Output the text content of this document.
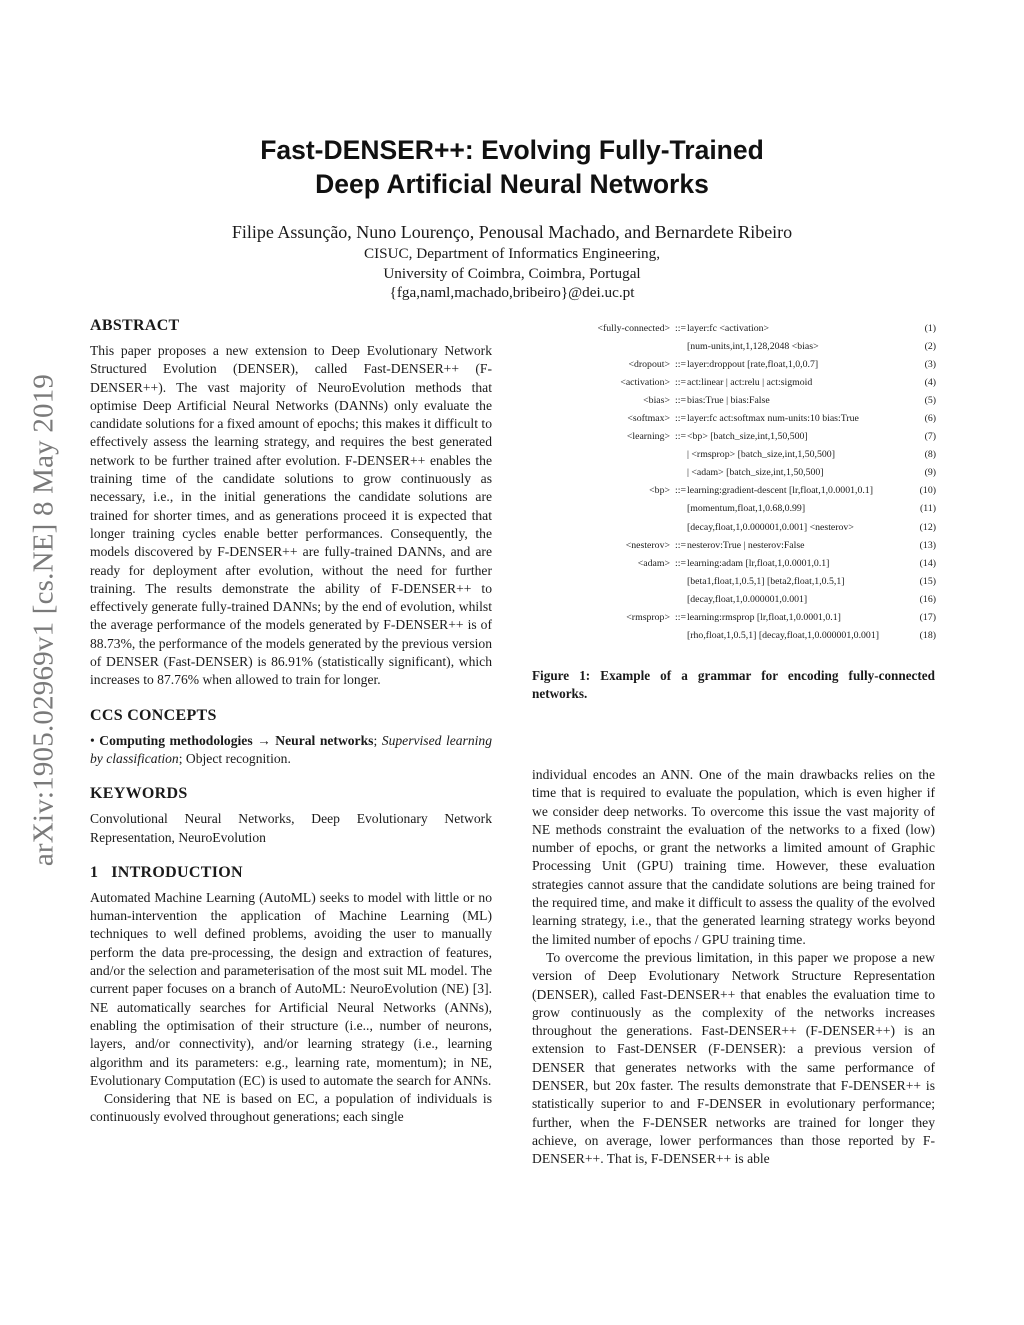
arXiv:1905.02969v1 [cs.NE] 8 May 2019
Fast-DENSER++: Evolving Fully-Trained
Deep Artificial Neural Networks
Filipe Assunção, Nuno Lourenço, Penousal Machado, and Bernardete Ribeiro
CISUC, Department of Informatics Engineering,
University of Coimbra, Coimbra, Portugal
{fga,naml,machado,bribeiro}@dei.uc.pt
ABSTRACT

This paper proposes a new extension to Deep Evolutionary Network Structured Evolution (DENSER), called Fast-DENSER++ (F-DENSER++). The vast majority of NeuroEvolution methods that optimise Deep Artificial Neural Networks (DANNs) only evaluate the candidate solutions for a fixed amount of epochs; this makes it difficult to effectively assess the learning strategy, and requires the best generated network to be further trained after evolution. F-DENSER++ enables the training time of the candidate solutions to grow continuously as necessary, i.e., in the initial generations the candidate solutions are trained for shorter times, and as generations proceed it is expected that longer training cycles enable better performances. Consequently, the models discovered by F-DENSER++ are fully-trained DANNs, and are ready for deployment after evolution, without the need for further training. The results demonstrate the ability of F-DENSER++ to effectively generate fully-trained DANNs; by the end of evolution, whilst the average performance of the models generated by F-DENSER++ is of 88.73%, the performance of the models generated by the previous version of DENSER (Fast-DENSER) is 86.91% (statistically significant), which increases to 87.76% when allowed to train for longer.

CCS CONCEPTS

• Computing methodologies → Neural networks; Supervised learning by classification; Object recognition.

KEYWORDS

Convolutional Neural Networks, Deep Evolutionary Network Representation, NeuroEvolution

1   INTRODUCTION

Automated Machine Learning (AutoML) seeks to model with little or no human-intervention the application of Machine Learning (ML) techniques to well defined problems, avoiding the user to manually perform the data pre-processing, the design and extraction of features, and/or the selection and parameterisation of the most suit ML model. The current paper focuses on a branch of AutoML: NeuroEvolution (NE) [3]. NE automatically searches for Artificial Neural Networks (ANNs), enabling the optimisation of their structure (i.e.., number of neurons, layers, and/or connectivity), and/or learning strategy (i.e., learning algorithm and its parameters: e.g., learning rate, momentum); in NE, Evolutionary Computation (EC) is used to automate the search for ANNs.

Considering that NE is based on EC, a population of individuals is continuously evolved throughout generations; each single

<fully-connected> ::= layer:fc <activation>	(1)
[num-units,int,1,128,2048 <bias>	(2)
<dropout> ::= layer:droppout [rate,float,1,0,0.7]	(3)
<activation> ::= act:linear | act:relu | act:sigmoid	(4)
<bias> ::= bias:True | bias:False	(5)
<softmax> ::= layer:fc act:softmax num-units:10 bias:True	(6)
<learning> ::= <bp> [batch_size,int,1,50,500]	(7)
| <rmsprop> [batch_size,int,1,50,500]	(8)
| <adam> [batch_size,int,1,50,500]	(9)
<bp> ::= learning:gradient-descent [lr,float,1,0.0001,0.1]	(10)
[momentum,float,1,0.68,0.99]	(11)
[decay,float,1,0.000001,0.001] <nesterov>	(12)
<nesterov> ::= nesterov:True | nesterov:False	(13)
<adam> ::= learning:adam [lr,float,1,0.0001,0.1]	(14)
[beta1,float,1,0.5,1] [beta2,float,1,0.5,1]	(15)
[decay,float,1,0.000001,0.001]	(16)
<rmsprop> ::= learning:rmsprop [lr,float,1,0.0001,0.1]	(17)
[rho,float,1,0.5,1] [decay,float,1,0.000001,0.001]	(18)
Figure 1: Example of a grammar for encoding fully-connected networks.

individual encodes an ANN. One of the main drawbacks relies on the time that is required to evaluate the population, which is even higher if we consider deep networks. To overcome this issue the vast majority of NE methods constraint the evaluation of the networks to a fixed (low) number of epochs, or grant the networks a limited amount of Graphic Processing Unit (GPU) training time. However, these evaluation strategies cannot assure that the candidate solutions are being trained for the required time, and make it difficult to assess the quality of the evolved learning strategy, i.e., that the generated learning strategy works beyond the limited number of epochs / GPU training time.

To overcome the previous limitation, in this paper we propose a new version of Deep Evolutionary Network Structure Representation (DENSER), called Fast-DENSER++ that enables the evaluation time to grow continuously as the complexity of the networks increases throughout the generations. Fast-DENSER++ (F-DENSER++) is an extension to Fast-DENSER (F-DENSER): a previous version of DENSER that generates networks with the same performance of DENSER, but 20x faster. The results demonstrate that F-DENSER++ is statistically superior to and F-DENSER in evolutionary performance; further, when the F-DENSER networks are trained for longer they achieve, on average, lower performances than those reported by F-DENSER++. That is, F-DENSER++ is able
